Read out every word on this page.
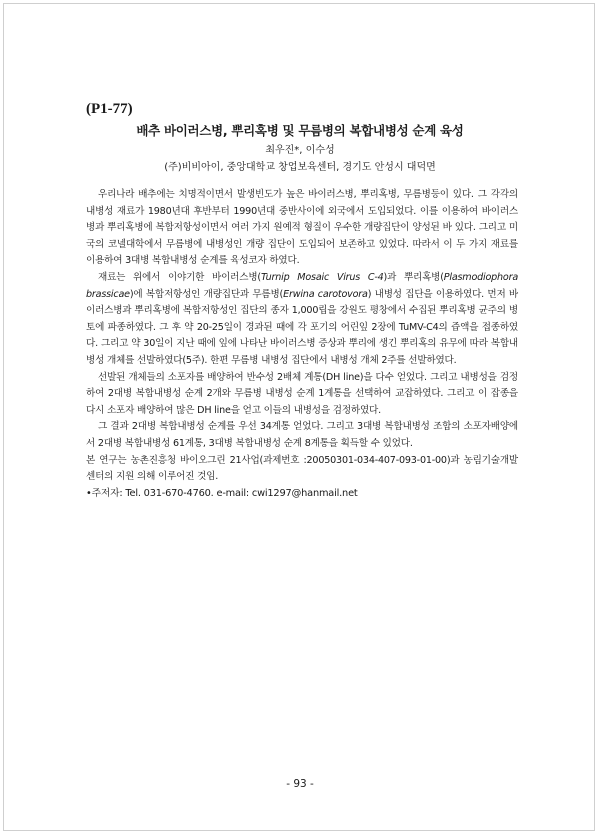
(P1-77)
배추 바이러스병, 뿌리혹병 및 무름병의 복합내병성 순계 육성
최우진*, 이수성
(주)비비아이, 중앙대학교 창업보육센터, 경기도 안성시 대덕면

우리나라 배추에는 치명적이면서 발생빈도가 높은 바이러스병, 뿌리혹병, 무름병등이 있다. 그 각각의 내병성 재료가 1980년대 후반부터 1990년대 중반사이에 외국에서 도입되었다. 이를 이용하여 바이러스병과 뿌리혹병에 복합저항성이면서 여러 가지 원예적 형질이 우수한 개량집단이 양성된 바 있다. 그리고 미국의 코넬대학에서 무름병에 내병성인 개량 집단이 도입되어 보존하고 있었다. 따라서 이 두 가지 재료를 이용하여 3대병 복합내병성 순계를 육성코자 하였다.

재료는 위에서 이야기한 바이러스병(Turnip Mosaic Virus C-4)과 뿌리혹병(Plasmodiophora brassicae)에 복합저항성인 개량집단과 무름병(Erwina carotovora) 내병성 집단을 이용하였다. 먼저 바이러스병과 뿌리혹병에 복합저항성인 집단의 종자 1,000립을 강원도 평창에서 수집된 뿌리혹병 균주의 병토에 파종하였다. 그 후 약 20-25일이 경과된 때에 각 포기의 어린잎 2장에 TuMV-C4의 즙액을 접종하였다. 그리고 약 30일이 지난 때에 잎에 나타난 바이러스병 증상과 뿌리에 생긴 뿌리혹의 유무에 따라 복합내병성 개체를 선발하였다(5주). 한편 무름병 내병성 집단에서 내병성 개체 2주를 선발하였다.

선발된 개체들의 소포자를 배양하여 반수성 2배체 계통(DH line)을 다수 얻었다. 그리고 내병성을 검정하여 2대병 복합내병성 순계 2개와 무름병 내병성 순계 1계통을 선택하여 교잡하였다. 그리고 이 잡종을 다시 소포자 배양하여 많은 DH line을 얻고 이들의 내병성을 검정하였다.

그 결과 2대병 복합내병성 순계를 우선 34계통 얻었다. 그리고 3대병 복합내병성 조합의 소포자배양에서 2대병 복합내병성 61계통, 3대병 복합내병성 순계 8계통을 획득할 수 있었다.

본 연구는 농촌진흥청 바이오그린 21사업(과제번호 :20050301-034-407-093-01-00)과 농림기술개발센터의 지원 의해 이루어진 것임.

•주저자: Tel. 031-670-4760. e-mail: cwi1297@hanmail.net

- 93 -
